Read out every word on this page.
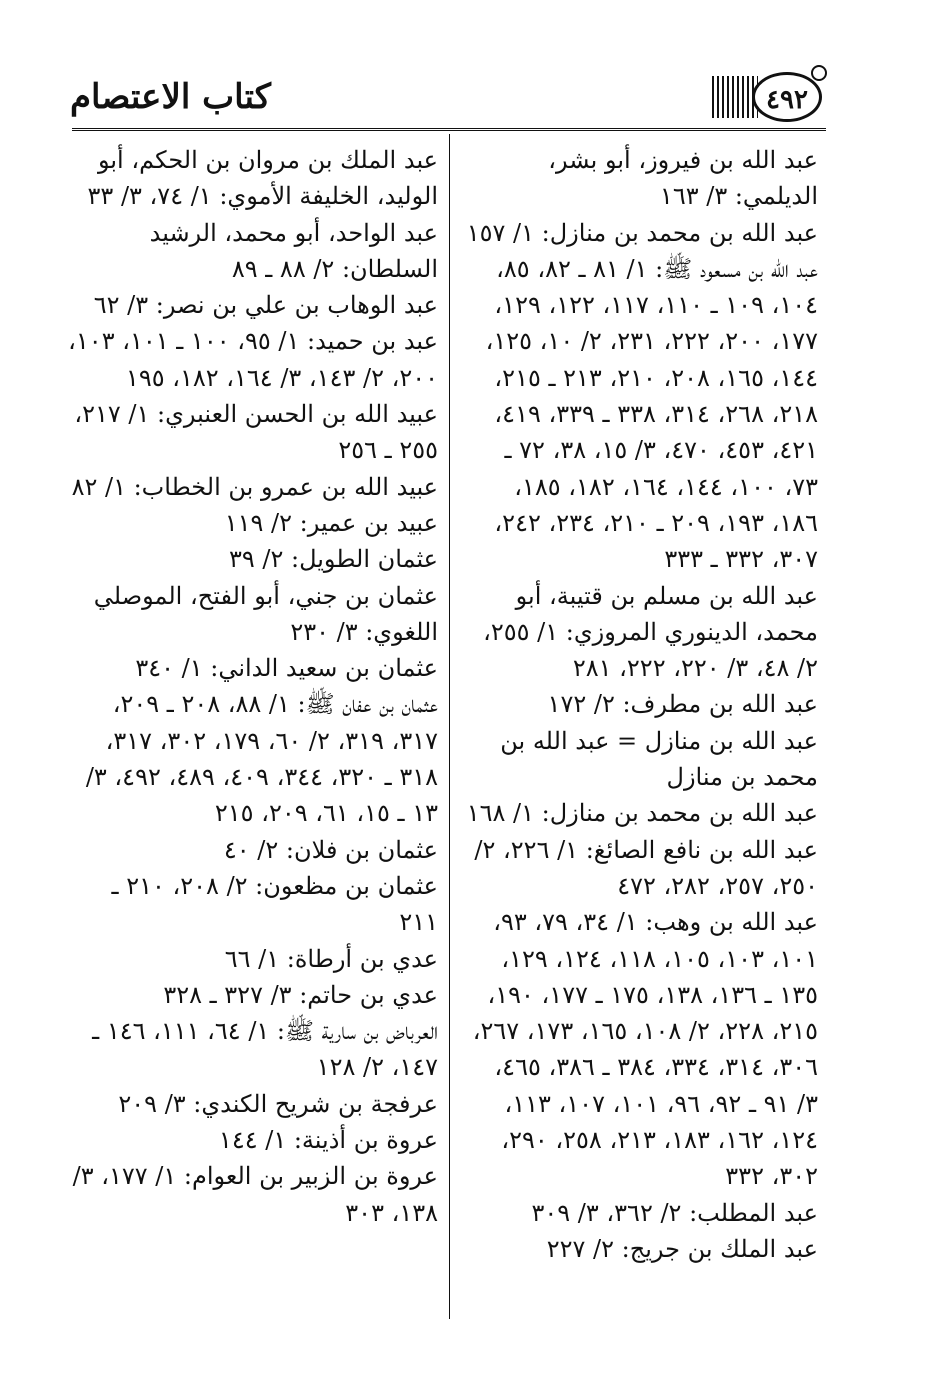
كتاب الاعتصام	٤٩٢

عبد الله بن فيروز، أبو بشر، الديلمي: ٣/ ١٦٣

عبد الله بن محمد بن منازل: ١/ ١٥٧

عبد الله بن مسعود ﷺ: ١/ ٨١ ـ ٨٢، ٨٥، ١٠٤، ١٠٩ ـ ١١٠، ١١٧، ١٢٢، ١٢٩، ١٧٧، ٢٠٠، ٢٢٢، ٢٣١، ٢/ ١٠، ١٢٥، ١٤٤، ١٦٥، ٢٠٨، ٢١٠، ٢١٣ ـ ٢١٥، ٢١٨، ٢٦٨، ٣١٤، ٣٣٨ ـ ٣٣٩، ٤١٩، ٤٢١، ٤٥٣، ٤٧٠، ٣/ ١٥، ٣٨، ٧٢ ـ ٧٣، ١٠٠، ١٤٤، ١٦٤، ١٨٢، ١٨٥، ١٨٦، ١٩٣، ٢٠٩ ـ ٢١٠، ٢٣٤، ٢٤٢، ٣٠٧، ٣٣٢ ـ ٣٣٣

عبد الله بن مسلم بن قتيبة، أبو محمد، الدينوري المروزي: ١/ ٢٥٥، ٢/ ٤٨، ٣/ ٢٢٠، ٢٢٢، ٢٨١

عبد الله بن مطرف: ٢/ ١٧٢

عبد الله بن منازل = عبد الله بن محمد بن منازل

عبد الله بن محمد بن منازل: ١/ ١٦٨

عبد الله بن نافع الصائغ: ١/ ٢٢٦، ٢/ ٢٥٠، ٢٥٧، ٢٨٢، ٤٧٢

عبد الله بن وهب: ١/ ٣٤، ٧٩، ٩٣، ١٠١، ١٠٣، ١٠٥، ١١٨، ١٢٤، ١٢٩، ١٣٥ ـ ١٣٦، ١٣٨، ١٧٥ ـ ١٧٧، ١٩٠، ٢١٥، ٢٢٨، ٢/ ١٠٨، ١٦٥، ١٧٣، ٢٦٧، ٣٠٦، ٣١٤، ٣٣٤، ٣٨٤ ـ ٣٨٦، ٤٦٥، ٣/ ٩١ ـ ٩٢، ٩٦، ١٠١، ١٠٧، ١١٣، ١٢٤، ١٦٢، ١٨٣، ٢١٣، ٢٥٨، ٢٩٠، ٣٠٢، ٣٣٢

عبد المطلب: ٢/ ٣٦٢، ٣/ ٣٠٩

عبد الملك بن جريج: ٢/ ٢٢٧

عبد الملك بن مروان بن الحكم، أبو الوليد، الخليفة الأموي: ١/ ٧٤، ٣/ ٣٣

عبد الواحد، أبو محمد، الرشيد السلطان: ٢/ ٨٨ ـ ٨٩

عبد الوهاب بن علي بن نصر: ٣/ ٦٢

عبد بن حميد: ١/ ٩٥، ١٠٠ ـ ١٠١، ١٠٣، ٢٠٠، ٢/ ١٤٣، ٣/ ١٦٤، ١٨٢، ١٩٥

عبيد الله بن الحسن العنبري: ١/ ٢١٧، ٢٥٥ ـ ٢٥٦

عبيد الله بن عمرو بن الخطاب: ١/ ٨٢

عبيد بن عمير: ٢/ ١١٩

عثمان الطويل: ٢/ ٣٩

عثمان بن جني، أبو الفتح، الموصلي اللغوي: ٣/ ٢٣٠

عثمان بن سعيد الداني: ١/ ٣٤٠

عثمان بن عفان ﷺ: ١/ ٨٨، ٢٠٨ ـ ٢٠٩، ٣١٧، ٣١٩، ٢/ ٦٠، ١٧٩، ٣٠٢، ٣١٧، ٣١٨ ـ ٣٢٠، ٣٤٤، ٤٠٩، ٤٨٩، ٤٩٢، ٣/ ١٣ ـ ١٥، ٦١، ٢٠٩، ٢١٥

عثمان بن فلان: ٢/ ٤٠

عثمان بن مظعون: ٢/ ٢٠٨، ٢١٠ ـ ٢١١

عدي بن أرطاة: ١/ ٦٦

عدي بن حاتم: ٣/ ٣٢٧ ـ ٣٢٨

العرباض بن سارية ﷺ: ١/ ٦٤، ١١١، ١٤٦ ـ ١٤٧، ٢/ ١٢٨

عرفجة بن شريح الكندي: ٣/ ٢٠٩

عروة بن أذينة: ١/ ١٤٤

عروة بن الزبير بن العوام: ١/ ١٧٧، ٣/ ١٣٨، ٣٠٣
